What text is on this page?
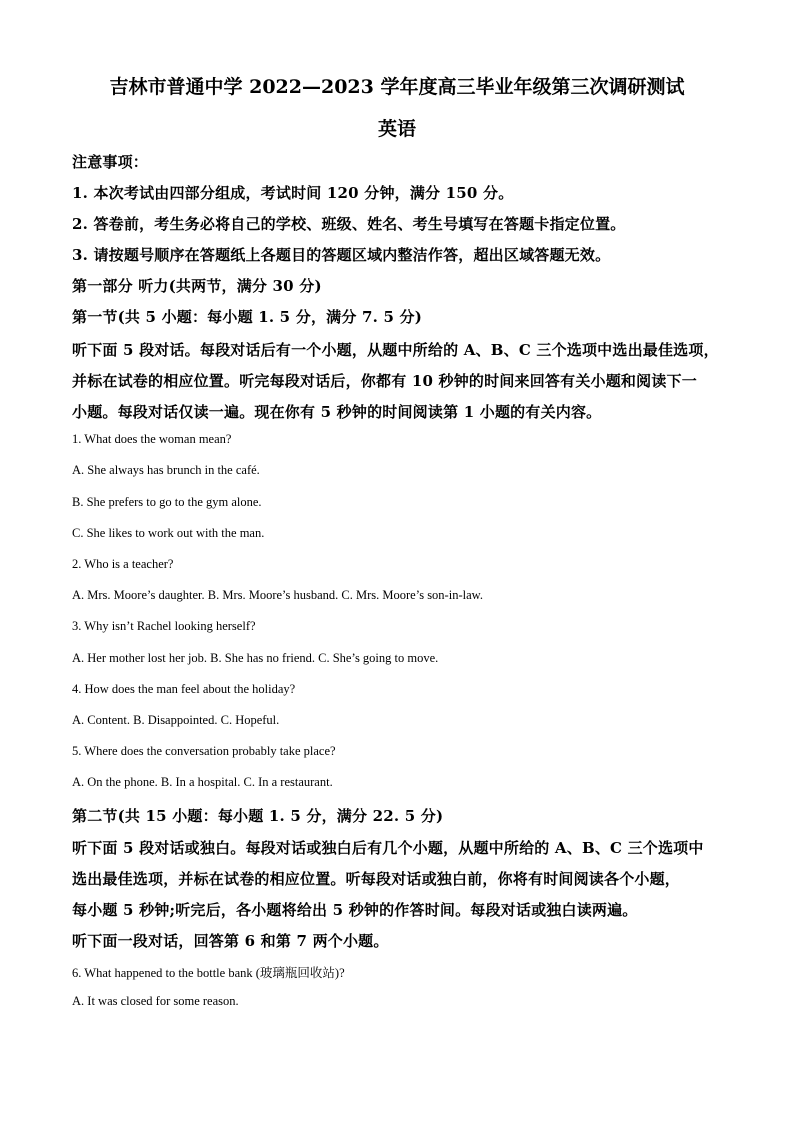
吉林市普通中学 2022—2023 学年度高三毕业年级第三次调研测试
英语
注意事项：
1. 本次考试由四部分组成，考试时间 120 分钟，满分 150 分。
2. 答卷前，考生务必将自己的学校、班级、姓名、考生号填写在答题卡指定位置。
3. 请按题号顺序在答题纸上各题目的答题区域内整洁作答，超出区域答题无效。
第一部分 听力(共两节，满分 30 分)
第一节(共 5 小题：每小题 1. 5 分，满分 7. 5 分)
听下面 5 段对话。每段对话后有一个小题，从题中所给的 A、B、C 三个选项中选出最佳选项，
并标在试卷的相应位置。听完每段对话后，你都有 10 秒钟的时间来回答有关小题和阅读下一
小题。每段对话仅读一遍。现在你有 5 秒钟的时间阅读第 1 小题的有关内容。
1. What does the woman mean?
A. She always has brunch in the café.
B. She prefers to go to the gym alone.
C. She likes to work out with the man.
2. Who is a teacher?
A. Mrs. Moore’s daughter. B. Mrs. Moore’s husband. C. Mrs. Moore’s son-in-law.
3. Why isn’t Rachel looking herself?
A. Her mother lost her job. B. She has no friend. C. She’s going to move.
4. How does the man feel about the holiday?
A. Content. B. Disappointed. C. Hopeful.
5. Where does the conversation probably take place?
A. On the phone. B. In a hospital. C. In a restaurant.
第二节(共 15 小题：每小题 1. 5 分，满分 22. 5 分)
听下面 5 段对话或独白。每段对话或独白后有几个小题，从题中所给的 A、B、C 三个选项中
选出最佳选项，并标在试卷的相应位置。听每段对话或独白前，你将有时间阅读各个小题，
每小题 5 秒钟;听完后，各小题将给出 5 秒钟的作答时间。每段对话或独白读两遍。
听下面一段对话，回答第 6 和第 7 两个小题。
6. What happened to the bottle bank (玻璃瓶回收站)?
A. It was closed for some reason.
